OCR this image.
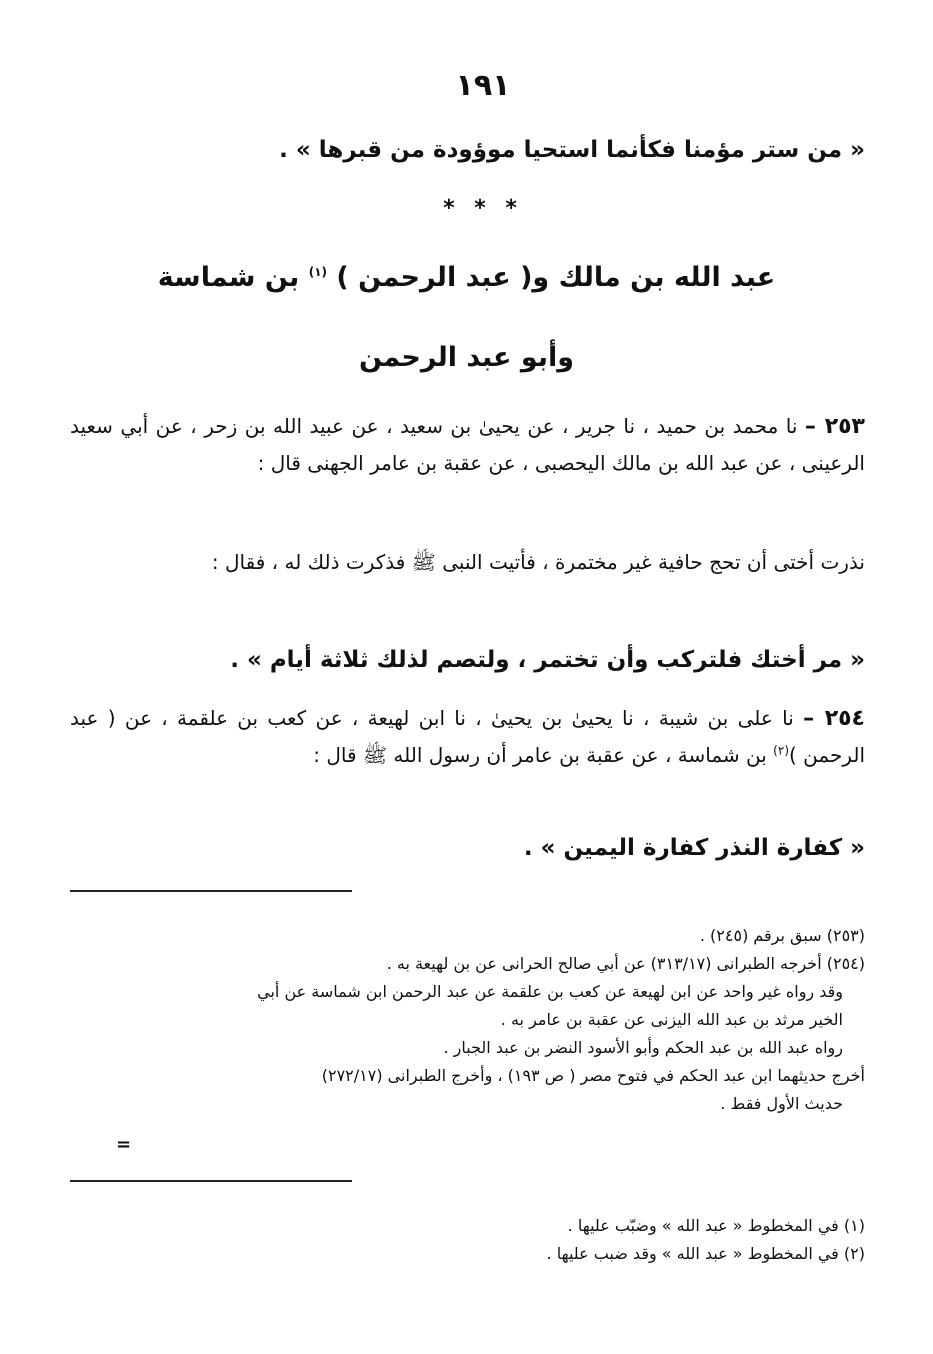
١٩١

« من ستر مؤمنا فكأنما استحيا موؤودة من قبرها » .

* * *
عبد الله بن مالك و( عبد الرحمن ) $^{(١)}$ بن شماسة
وأبو عبد الرحمن

٢٥٣ – نا محمد بن حميد ، نا جرير ، عن يحيىٰ بن سعيد ، عن عبيد الله بن زحر ، عن أبي سعيد الرعينى ، عن عبد الله بن مالك اليحصبى ، عن عقبة بن عامر الجهنى قال :

نذرت أختى أن تحج حافية غير مختمرة ، فأتيت النبى ﷺ فذكرت ذلك له ، فقال :

« مر أختك فلتركب وأن تختمر ، ولتصم لذلك ثلاثة أيام » .

٢٥٤ – نا على بن شيبة ، نا يحيىٰ بن يحيىٰ ، نا ابن لهيعة ، عن كعب بن علقمة ، عن ( عبد الرحمن )$^{(٢)}$ بن شماسة ، عن عقبة بن عامر أن رسول الله ﷺ قال :

« كفارة النذر كفارة اليمين » .

(٢٥٣) سبق برقم (٢٤٥) .

(٢٥٤) أخرجه الطبرانى (٣١٣/١٧) عن أبي صالح الحرانى عن بن لهيعة به .

وقد رواه غير واحد عن ابن لهيعة عن كعب بن علقمة عن عبد الرحمن ابن شماسة عن أبي

الخير مرثد بن عبد الله اليزنى عن عقبة بن عامر به .

رواه عبد الله بن عبد الحكم وأبو الأسود النضر بن عبد الجبار .

أخرج حديثهما ابن عبد الحكم في فتوح مصر ( ص ١٩٣) ، وأخرج الطبرانى (٢٧٢/١٧)

حديث الأول فقط .

=

(١) في المخطوط « عبد الله » وضبّب عليها .

(٢) في المخطوط « عبد الله » وقد ضبب عليها .
